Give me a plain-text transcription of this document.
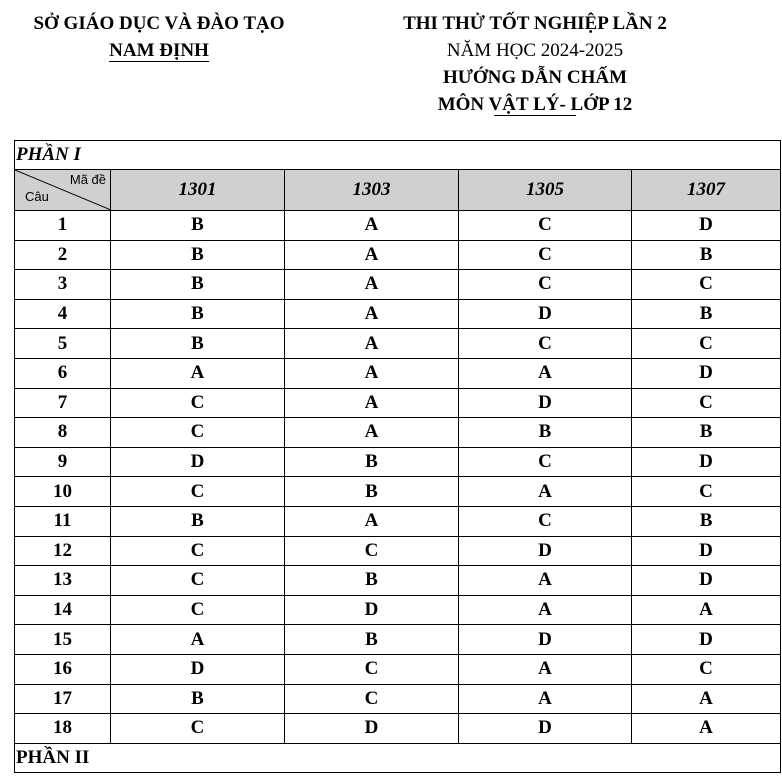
SỞ GIÁO DỤC VÀ ĐÀO TẠO
NAM ĐỊNH
THI THỬ TỐT NGHIỆP LẦN 2
NĂM HỌC 2024-2025
HƯỚNG DẪN CHẤM
MÔN VẬT LÝ- LỚP 12
PHẦN I				

Mã đề
Câu	1301	1303	1305	1307
1	B	A	C	D
2	B	A	C	B
3	B	A	C	C
4	B	A	D	B
5	B	A	C	C
6	A	A	A	D
7	C	A	D	C
8	C	A	B	B
9	D	B	C	D
10	C	B	A	C
11	B	A	C	B
12	C	C	D	D
13	C	B	A	D
14	C	D	A	A
15	A	B	D	D
16	D	C	A	C
17	B	C	A	A
18	C	D	D	A
PHẦN II				
